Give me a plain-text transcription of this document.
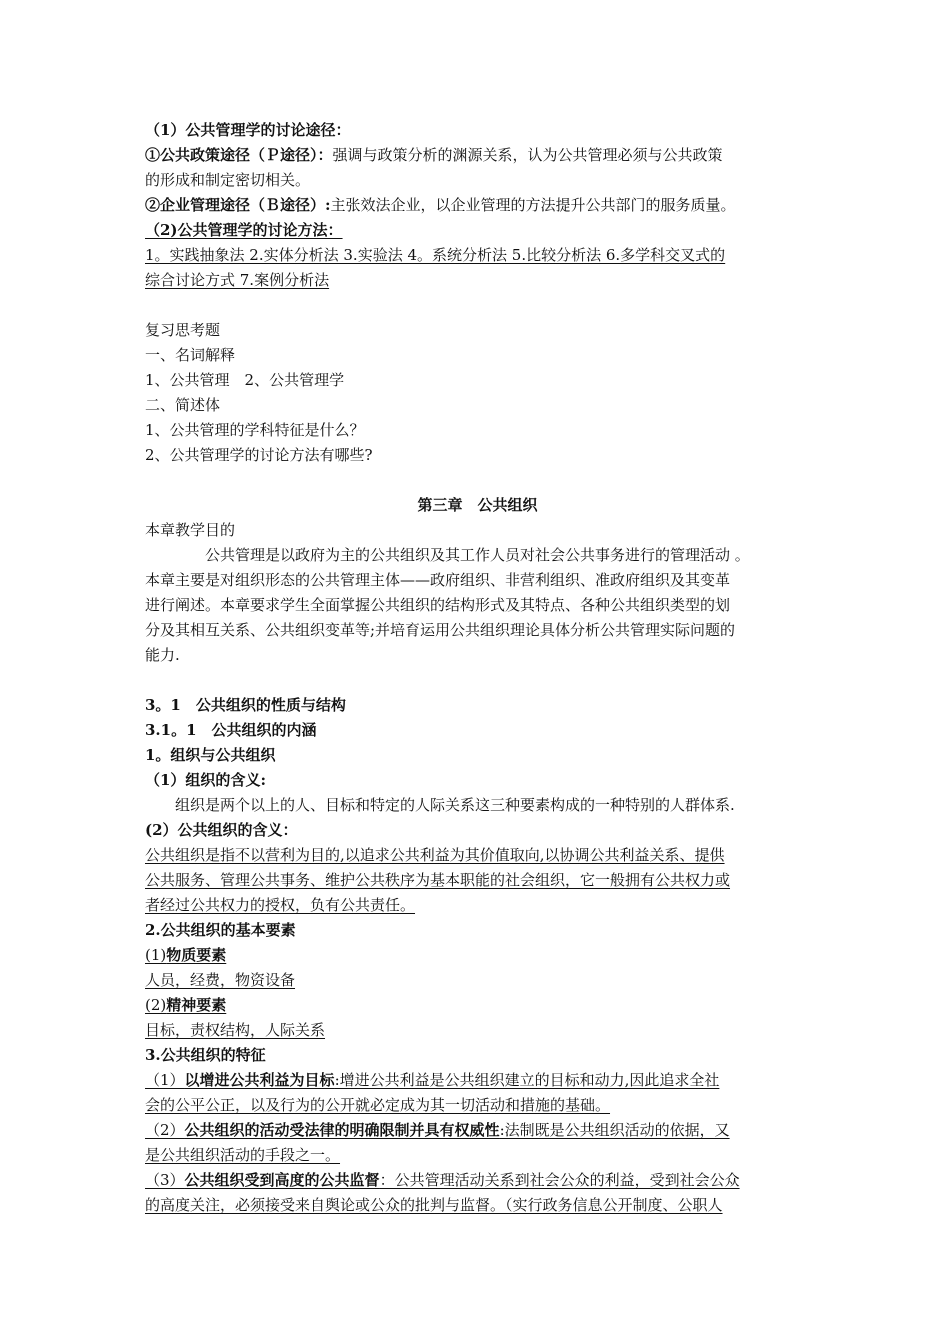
（1）公共管理学的讨论途径：
①公共政策途径（Ｐ途径）：强调与政策分析的渊源关系，认为公共管理必须与公共政策
的形成和制定密切相关。
②企业管理途径（Ｂ途径）:主张效法企业，以企业管理的方法提升公共部门的服务质量。
（2)公共管理学的讨论方法：
1。实践抽象法 2.实体分析法 3.实验法 4。系统分析法 5.比较分析法 6.多学科交叉式的
综合讨论方式 7.案例分析法
复习思考题
一、名词解释
1、公共管理　2、公共管理学
二、简述体
1、公共管理的学科特征是什么？
2、公共管理学的讨论方法有哪些?
第三章　公共组织
本章教学目的
公共管理是以政府为主的公共组织及其工作人员对社会公共事务进行的管理活动 。
本章主要是对组织形态的公共管理主体——政府组织、非营利组织、准政府组织及其变革
进行阐述。本章要求学生全面掌握公共组织的结构形式及其特点、各种公共组织类型的划
分及其相互关系、公共组织变革等;并培育运用公共组织理论具体分析公共管理实际问题的
能力.
3。1　公共组织的性质与结构
3.1。1　公共组织的内涵
1。组织与公共组织
（1）组织的含义:
组织是两个以上的人、目标和特定的人际关系这三种要素构成的一种特别的人群体系.
(2）公共组织的含义：
公共组织是指不以营利为目的,以追求公共利益为其价值取向,以协调公共利益关系、提供
公共服务、管理公共事务、维护公共秩序为基本职能的社会组织，它一般拥有公共权力或
者经过公共权力的授权，负有公共责任。
2.公共组织的基本要素
(1)物质要素
人员，经费，物资设备
(2)精神要素
目标，责权结构，人际关系
3.公共组织的特征
（1）以增进公共利益为目标:增进公共利益是公共组织建立的目标和动力,因此追求全社
会的公平公正，以及行为的公开就必定成为其一切活动和措施的基础。
（2）公共组织的活动受法律的明确限制并具有权威性:法制既是公共组织活动的依据，又
是公共组织活动的手段之一。
（3）公共组织受到高度的公共监督：公共管理活动关系到社会公众的利益，受到社会公众
的高度关注，必须接受来自舆论或公众的批判与监督。（实行政务信息公开制度、公职人
